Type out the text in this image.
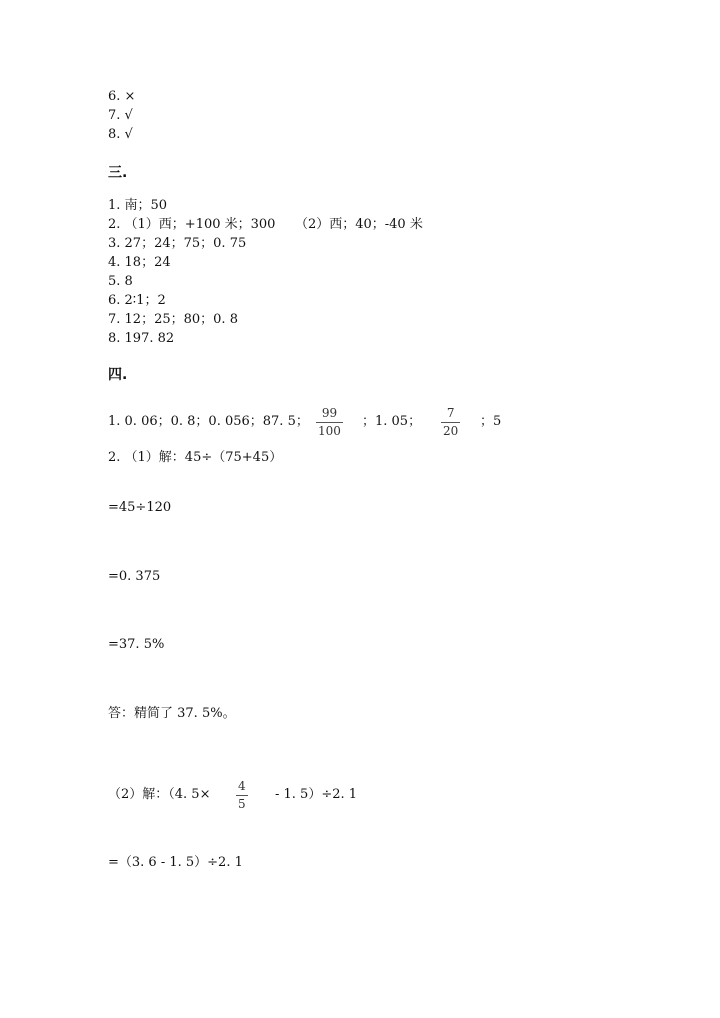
6. ×
7. √
8. √
三.
1. 南；50
2. （1）西；+100 米；300　　（2）西；40；-40 米
3. 27；24；75；0. 75
4. 18；24
5. 8
6. 2∶1；2
7. 12；25；80；0. 8
8. 197. 82
四.
1. 0. 06；0. 8；0. 056；87. 5；
99
100
；1. 05；
7
20
；5
2. （1）解：45÷（75+45）
=45÷120
=0. 375
=37. 5%
答：精简了 37. 5%。
（2）解：（4. 5×
4
5
- 1. 5）÷2. 1
=（3. 6 - 1. 5）÷2. 1
